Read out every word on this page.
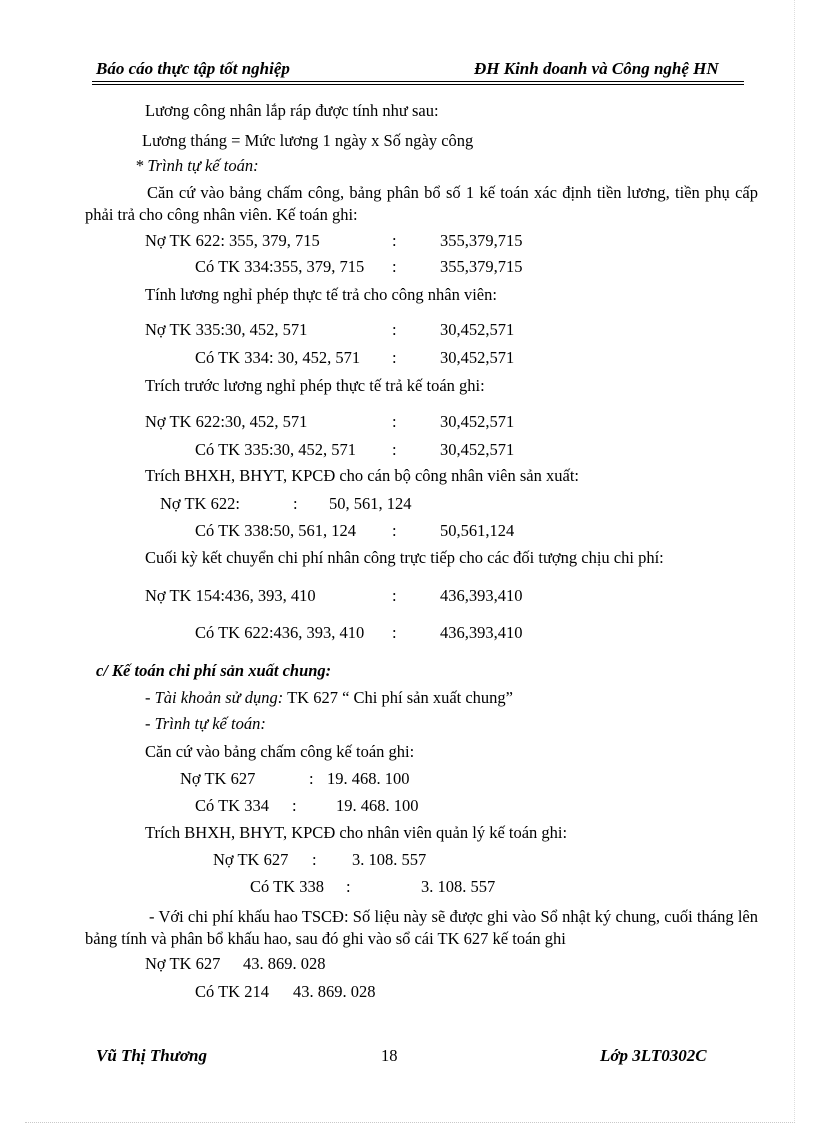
Báo cáo thực tập tốt nghiệp	ĐH Kinh doanh và Công nghệ HN
Lương công nhân lắp ráp được tính như sau:
Lương tháng = Mức lương 1 ngày x Số ngày công
* Trình tự kế toán:
Căn cứ vào bảng chấm công, bảng phân bổ số 1 kế toán xác định tiền lương, tiền phụ cấp phải trả cho công nhân viên. Kế toán ghi:
Nợ TK 622: 355, 379, 715	:	355,379,715
Có TK 334:355, 379, 715 :	355,379,715
Tính lương nghỉ phép thực tế trả cho công nhân viên:
Nợ TK 335:30, 452, 571	:	30,452,571
Có TK 334: 30, 452, 571 :	30,452,571
Trích trước lương nghỉ phép thực tế trả kế toán ghi:
Nợ TK 622:30, 452, 571	:	30,452,571
Có TK 335:30, 452, 571 :	30,452,571
Trích BHXH, BHYT, KPCĐ cho cán bộ công nhân viên sản xuất:
Nợ TK 622:	: 50, 561, 124
Có TK 338:50, 561, 124 :	50,561,124
Cuối kỳ kết chuyển chi phí nhân công trực tiếp cho các đối tượng chịu chi phí:
Nợ TK 154:436, 393, 410	:	436,393,410
Có TK 622:436, 393, 410 :	436,393,410
c/ Kế toán chi phí sản xuất chung:
- Tài khoản sử dụng: TK 627 “ Chi phí sản xuất chung”
- Trình tự kế toán:
Căn cứ vào bảng chấm công kế toán ghi:
Nợ TK 627	: 19. 468. 100
Có TK 334 : 19. 468. 100
Trích BHXH, BHYT, KPCĐ cho nhân viên quản lý kế toán ghi:
Nợ TK 627 : 3. 108. 557
Có TK 338 :	3. 108. 557
- Với chi phí khấu hao TSCĐ: Số liệu này sẽ được ghi vào Sổ nhật ký chung, cuối tháng lên bảng tính và phân bổ khấu hao, sau đó ghi vào sổ cái TK 627 kế toán ghi
Nợ TK 627 43. 869. 028
Có TK 214 43. 869. 028
Vũ Thị Thương	18	Lớp 3LT0302C
